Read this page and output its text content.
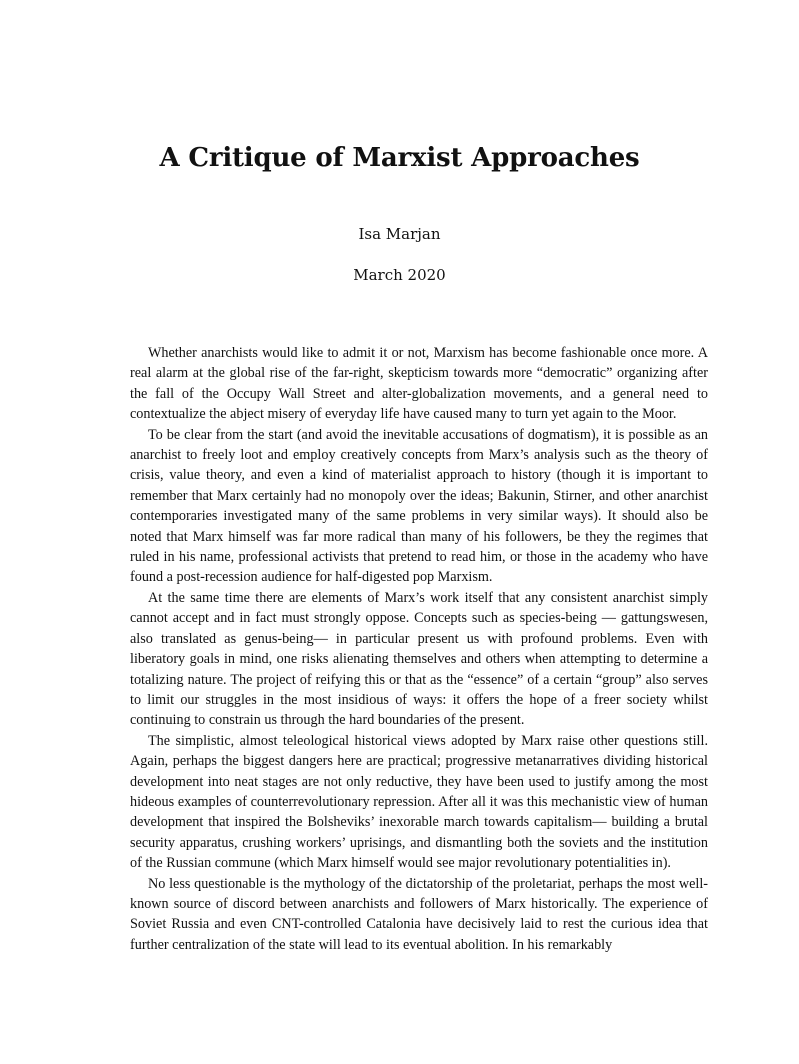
A Critique of Marxist Approaches
Isa Marjan
March 2020

Whether anarchists would like to admit it or not, Marxism has become fashionable once more. A real alarm at the global rise of the far-right, skepticism towards more “democratic” organizing after the fall of the Occupy Wall Street and alter-globalization movements, and a general need to contextualize the abject misery of everyday life have caused many to turn yet again to the Moor.

To be clear from the start (and avoid the inevitable accusations of dogmatism), it is possible as an anarchist to freely loot and employ creatively concepts from Marx’s analysis such as the theory of crisis, value theory, and even a kind of materialist approach to history (though it is important to remember that Marx certainly had no monopoly over the ideas; Bakunin, Stirner, and other anarchist contemporaries investigated many of the same problems in very similar ways). It should also be noted that Marx himself was far more radical than many of his followers, be they the regimes that ruled in his name, professional activists that pretend to read him, or those in the academy who have found a post-recession audience for half-digested pop Marxism.

At the same time there are elements of Marx’s work itself that any consistent anarchist simply cannot accept and in fact must strongly oppose. Concepts such as species-being — gattungswesen, also translated as genus-being— in particular present us with profound problems. Even with liberatory goals in mind, one risks alienating themselves and others when attempting to determine a totalizing nature. The project of reifying this or that as the “essence” of a certain “group” also serves to limit our struggles in the most insidious of ways: it offers the hope of a freer society whilst continuing to constrain us through the hard boundaries of the present.

The simplistic, almost teleological historical views adopted by Marx raise other questions still. Again, perhaps the biggest dangers here are practical; progressive metanarratives dividing historical development into neat stages are not only reductive, they have been used to justify among the most hideous examples of counterrevolutionary repression. After all it was this mechanistic view of human development that inspired the Bolsheviks’ inexorable march towards capitalism— building a brutal security apparatus, crushing workers’ uprisings, and dismantling both the soviets and the institution of the Russian commune (which Marx himself would see major revolutionary potentialities in).

No less questionable is the mythology of the dictatorship of the proletariat, perhaps the most well-known source of discord between anarchists and followers of Marx historically. The experience of Soviet Russia and even CNT-controlled Catalonia have decisively laid to rest the curious idea that further centralization of the state will lead to its eventual abolition. In his remarkably
